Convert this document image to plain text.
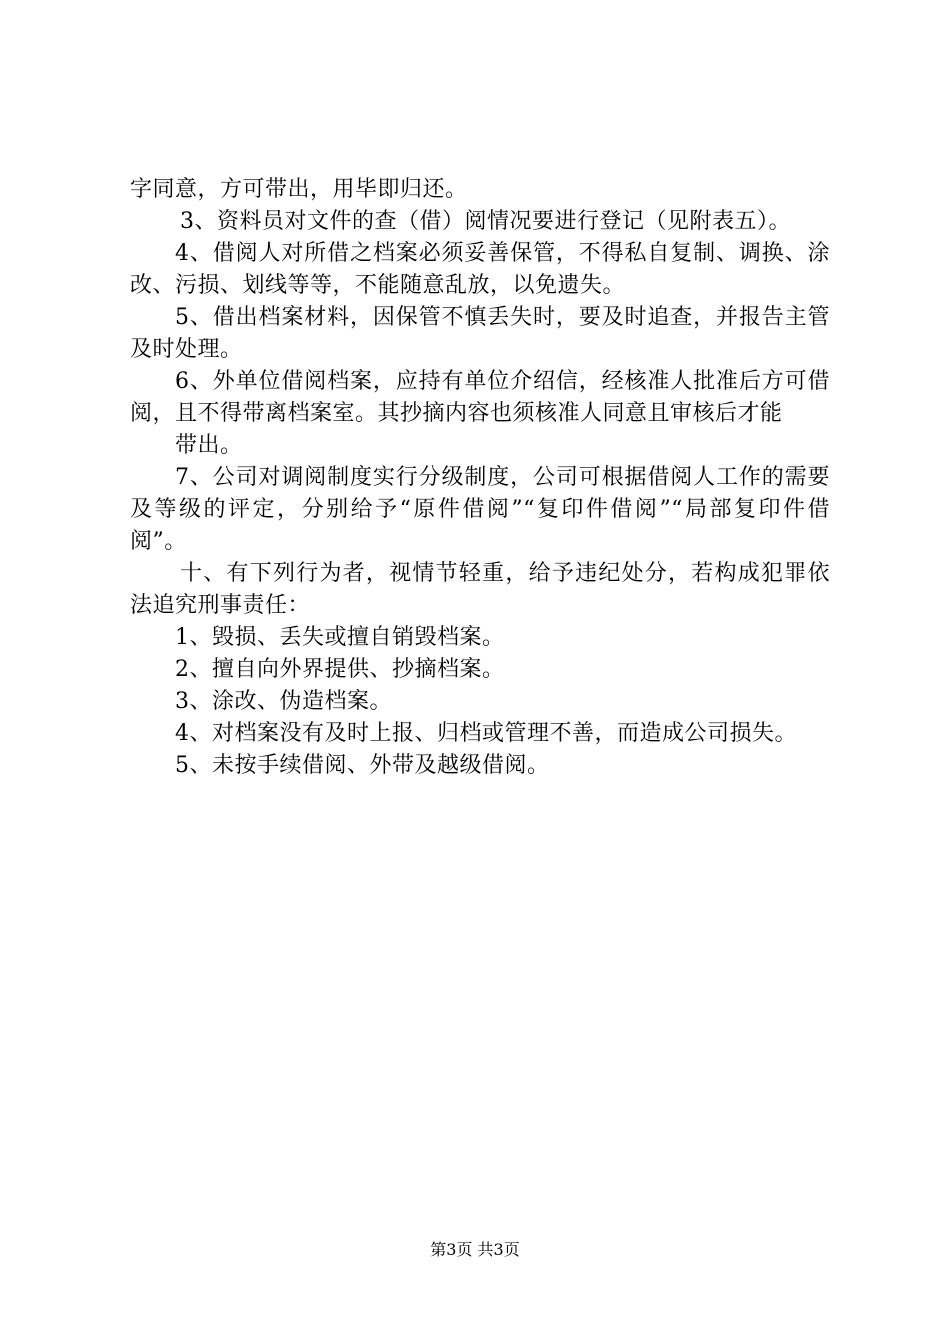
字同意，方可带出，用毕即归还。

3、资料员对文件的查（借）阅情况要进行登记（见附表五）。

4、借阅人对所借之档案必须妥善保管，不得私自复制、调换、涂改、污损、划线等等，不能随意乱放，以免遗失。

5、借出档案材料，因保管不慎丢失时，要及时追查，并报告主管及时处理。

6、外单位借阅档案，应持有单位介绍信，经核准人批准后方可借阅，且不得带离档案室。其抄摘内容也须核准人同意且审核后才能

带出。

7、公司对调阅制度实行分级制度，公司可根据借阅人工作的需要及等级的评定，分别给予“原件借阅”“复印件借阅”“局部复印件借阅”。

十、有下列行为者，视情节轻重，给予违纪处分，若构成犯罪依法追究刑事责任：

1、毁损、丢失或擅自销毁档案。

2、擅自向外界提供、抄摘档案。

3、涂改、伪造档案。

4、对档案没有及时上报、归档或管理不善，而造成公司损失。

5、未按手续借阅、外带及越级借阅。

第3页 共3页
